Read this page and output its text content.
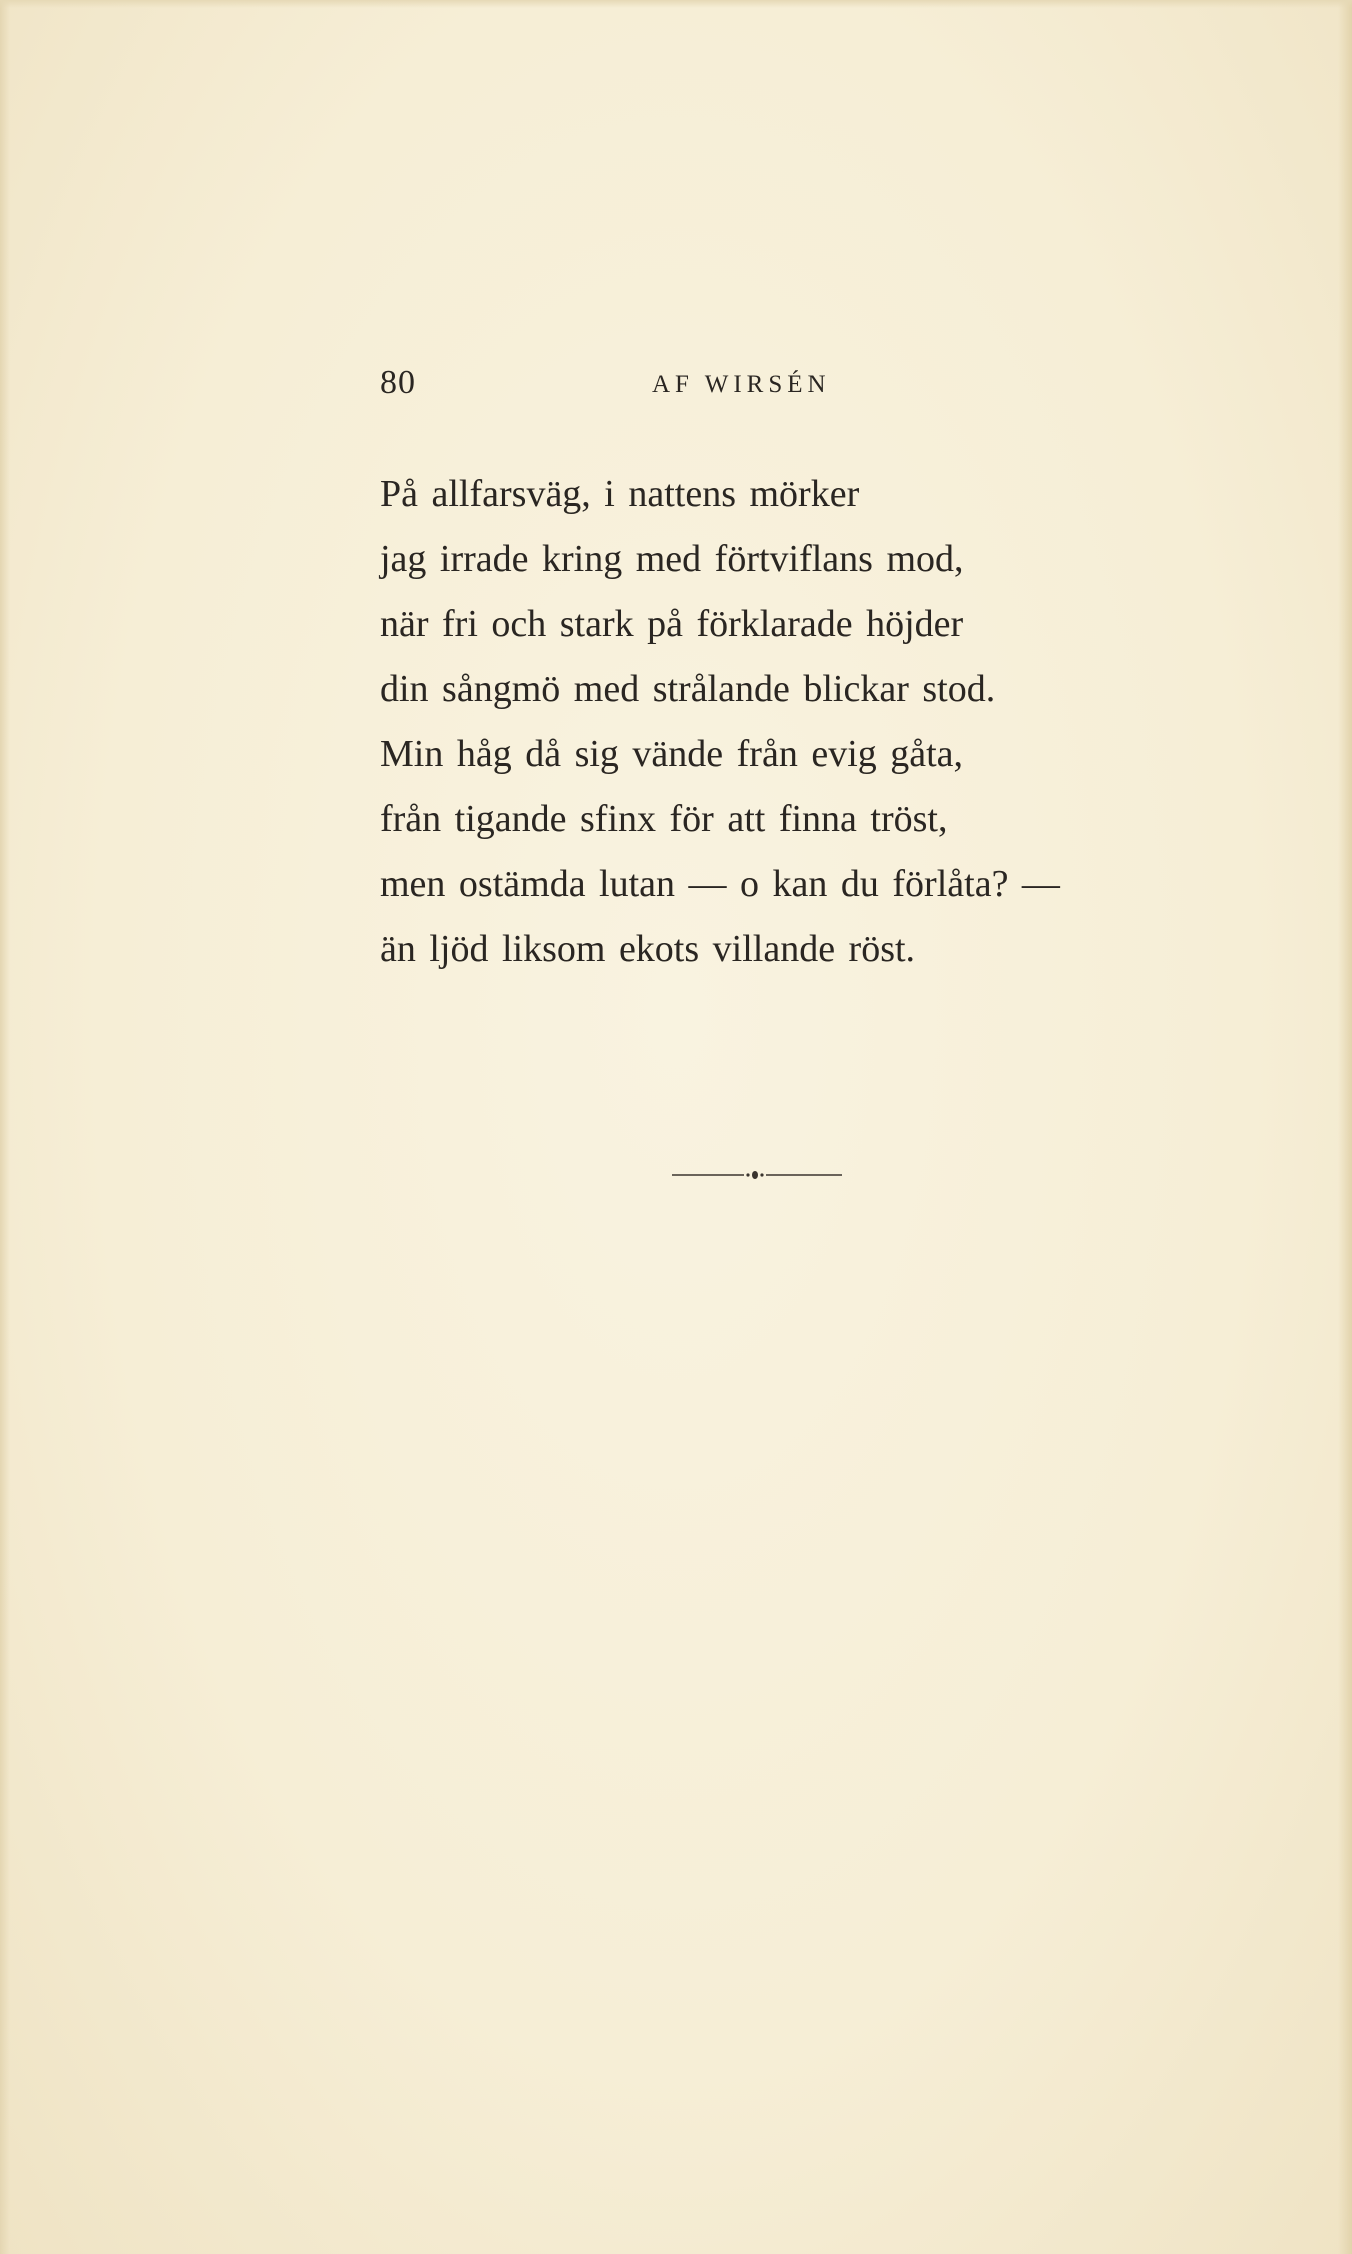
80	AF WIRSÉN
På allfarsväg, i nattens mörker
jag irrade kring med förtviflans mod,
när fri och stark på förklarade höjder
din sångmö med strålande blickar stod.
Min håg då sig vände från evig gåta,
från tigande sfinx för att finna tröst,
men ostämda lutan — o kan du förlåta? —
än ljöd liksom ekots villande röst.
